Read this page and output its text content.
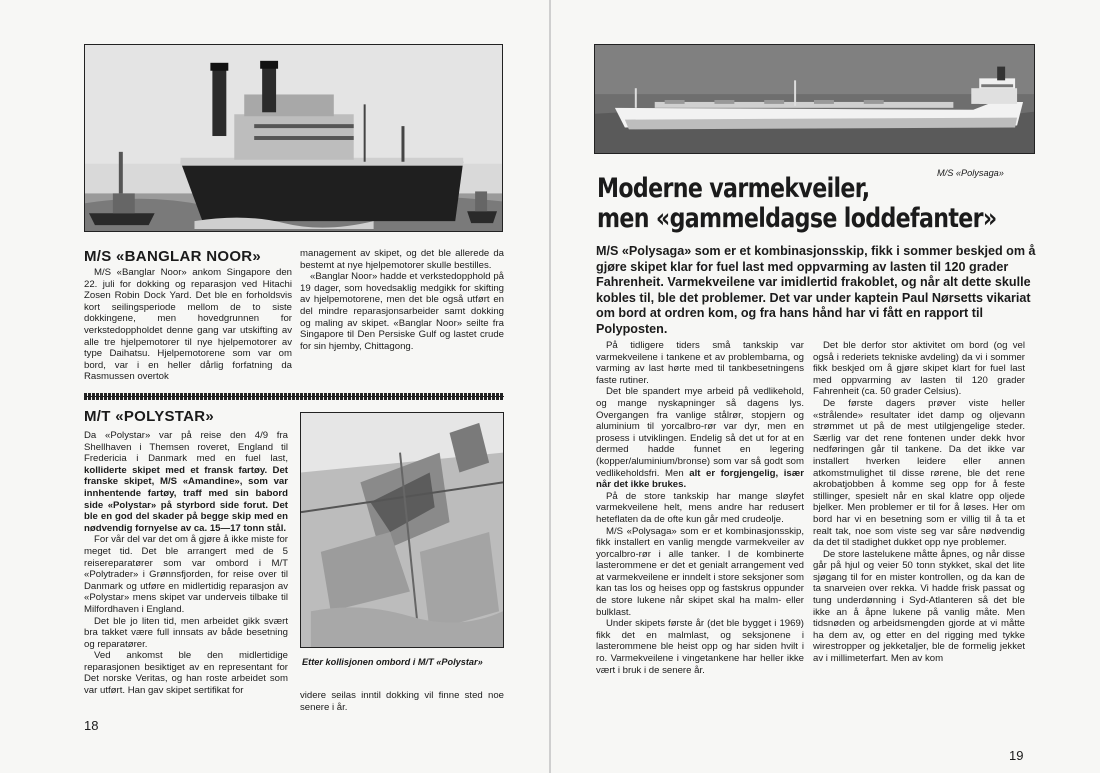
M/S «BANGLAR NOOR»

M/S «Banglar Noor» ankom Singapore den 22. juli for dokking og reparasjon ved Hitachi Zosen Robin Dock Yard. Det ble en forholdsvis kort seilingsperiode mellom de to siste dokkingene, men hovedgrunnen for verkstedoppholdet denne gang var utskifting av alle tre hjelpemotorer til nye hjelpemotorer av type Daihatsu. Hjelpemotorene som var om bord, var i en heller dårlig forfatning da Rasmussen overtok

management av skipet, og det ble allerede da bestemt at nye hjelpemotorer skulle bestilles.

«Banglar Noor» hadde et verkstedopphold på 19 dager, som hovedsaklig medgikk for skifting av hjelpemotorene, men det ble også utført en del mindre reparasjonsarbeider samt dokking og maling av skipet. «Banglar Noor» seilte fra Singapore til Den Persiske Gulf og lastet crude for sin hjemby, Chittagong.

M/T «POLYSTAR»

Da «Polystar» var på reise den 4/9 fra Shellhaven i Themsen roveret, England til Fredericia i Danmark med en fuel last, kolliderte skipet med et fransk fartøy. Det franske skipet, M/S «Amandine», som var innhentende fartøy, traff med sin babord side «Polystar» på styrbord side forut. Det ble en god del skader på begge skip med en nødvendig fornyelse av ca. 15—17 tonn stål.

For vår del var det om å gjøre å ikke miste for meget tid. Det ble arrangert med de 5 reisereparatører som var ombord i M/T «Polytrader» i Grønnsfjorden, for reise over til Danmark og utføre en midlertidig reparasjon av «Polystar» mens skipet var underveis tilbake til Milfordhaven i England.

Det ble jo liten tid, men arbeidet gikk svært bra takket være full innsats av både besetning og reparatører.

Ved ankomst ble den midlertidige reparasjonen besiktiget av en representant for Det norske Veritas, og han roste arbeidet som var utført. Han gav skipet sertifikat for

Etter kollisjonen ombord i M/T «Polystar»

videre seilas inntil dokking vil finne sted noe senere i år.

18
M/S «Polysaga»
Moderne varmekveiler,
men «gammeldagse loddefanter»
M/S «Polysaga» som er et kombinasjonsskip, fikk i sommer beskjed om å gjøre skipet klar for fuel last med oppvarming av lasten til 120 grader Fahrenheit. Varmekveilene var imidlertid frakoblet, og når alt dette skulle kobles til, ble det problemer. Det var under kaptein Paul Nørsetts vikariat om bord at ordren kom, og fra hans hånd har vi fått en rapport til Polyposten.

På tidligere tiders små tankskip var varmekveilene i tankene et av problembarna, og varming av last hørte med til tankbesetningens faste rutiner.

Det ble spandert mye arbeid på vedlikehold, og mange nyskapninger så dagens lys. Overgangen fra vanlige stålrør, stopjern og aluminium til yorcalbro-rør var dyr, men en prosess i utviklingen. Endelig så det ut for at en dermed hadde funnet en legering (kopper/aluminium/bronse) som var så godt som vedlikeholdsfri. Men alt er forgjengelig, især når det ikke brukes.

På de store tankskip har mange sløyfet varmekveilene helt, mens andre har redusert heteflaten da de ofte kun går med crudeolje.

M/S «Polysaga» som er et kombinasjonsskip, fikk installert en vanlig mengde varmekveiler av yorcalbro-rør i alle tanker. I de kombinerte lasterommene er det et genialt arrangement ved at varmekveilene er inndelt i store seksjoner som kan tas los og heises opp og fastskrus oppunder de store lukene når skipet skal ha malm- eller bulklast.

Under skipets første år (det ble bygget i 1969) fikk det en malmlast, og seksjonene i lasterommene ble heist opp og har siden hvilt i ro. Varmekveilene i vingetankene har heller ikke vært i bruk i de senere år.

Det ble derfor stor aktivitet om bord (og vel også i rederiets tekniske avdeling) da vi i sommer fikk beskjed om å gjøre skipet klart for fuel last med oppvarming av lasten til 120 grader Fahrenheit (ca. 50 grader Celsius).

De første dagers prøver viste heller «strålende» resultater idet damp og oljevann strømmet ut på de mest utilgjengelige steder. Særlig var det rene fontenen under dekk hvor nedføringen går til tankene. Da det ikke var installert hverken leidere eller annen atkomstmulighet til disse rørene, ble det rene akrobatjobben å komme seg opp for å feste stillinger, spesielt når en skal klatre opp oljede bjelker. Men problemer er til for å løses. Her om bord har vi en besetning som er villig til å ta et realt tak, noe som viste seg var såre nødvendig da det til stadighet dukket opp nye problemer.

De store lastelukene måtte åpnes, og når disse går på hjul og veier 50 tonn stykket, skal det lite sjøgang til for en mister kontrollen, og da kan de ta snarveien over rekka. Vi hadde frisk passat og tung underdønning i Syd-Atlanteren så det ble ikke an å åpne lukene på vanlig måte. Men tidsnøden og arbeidsmengden gjorde at vi måtte ha dem av, og etter en del rigging med tykke wirestropper og jekketaljer, ble de formelig jekket av i millimeterfart. Men av kom

19
